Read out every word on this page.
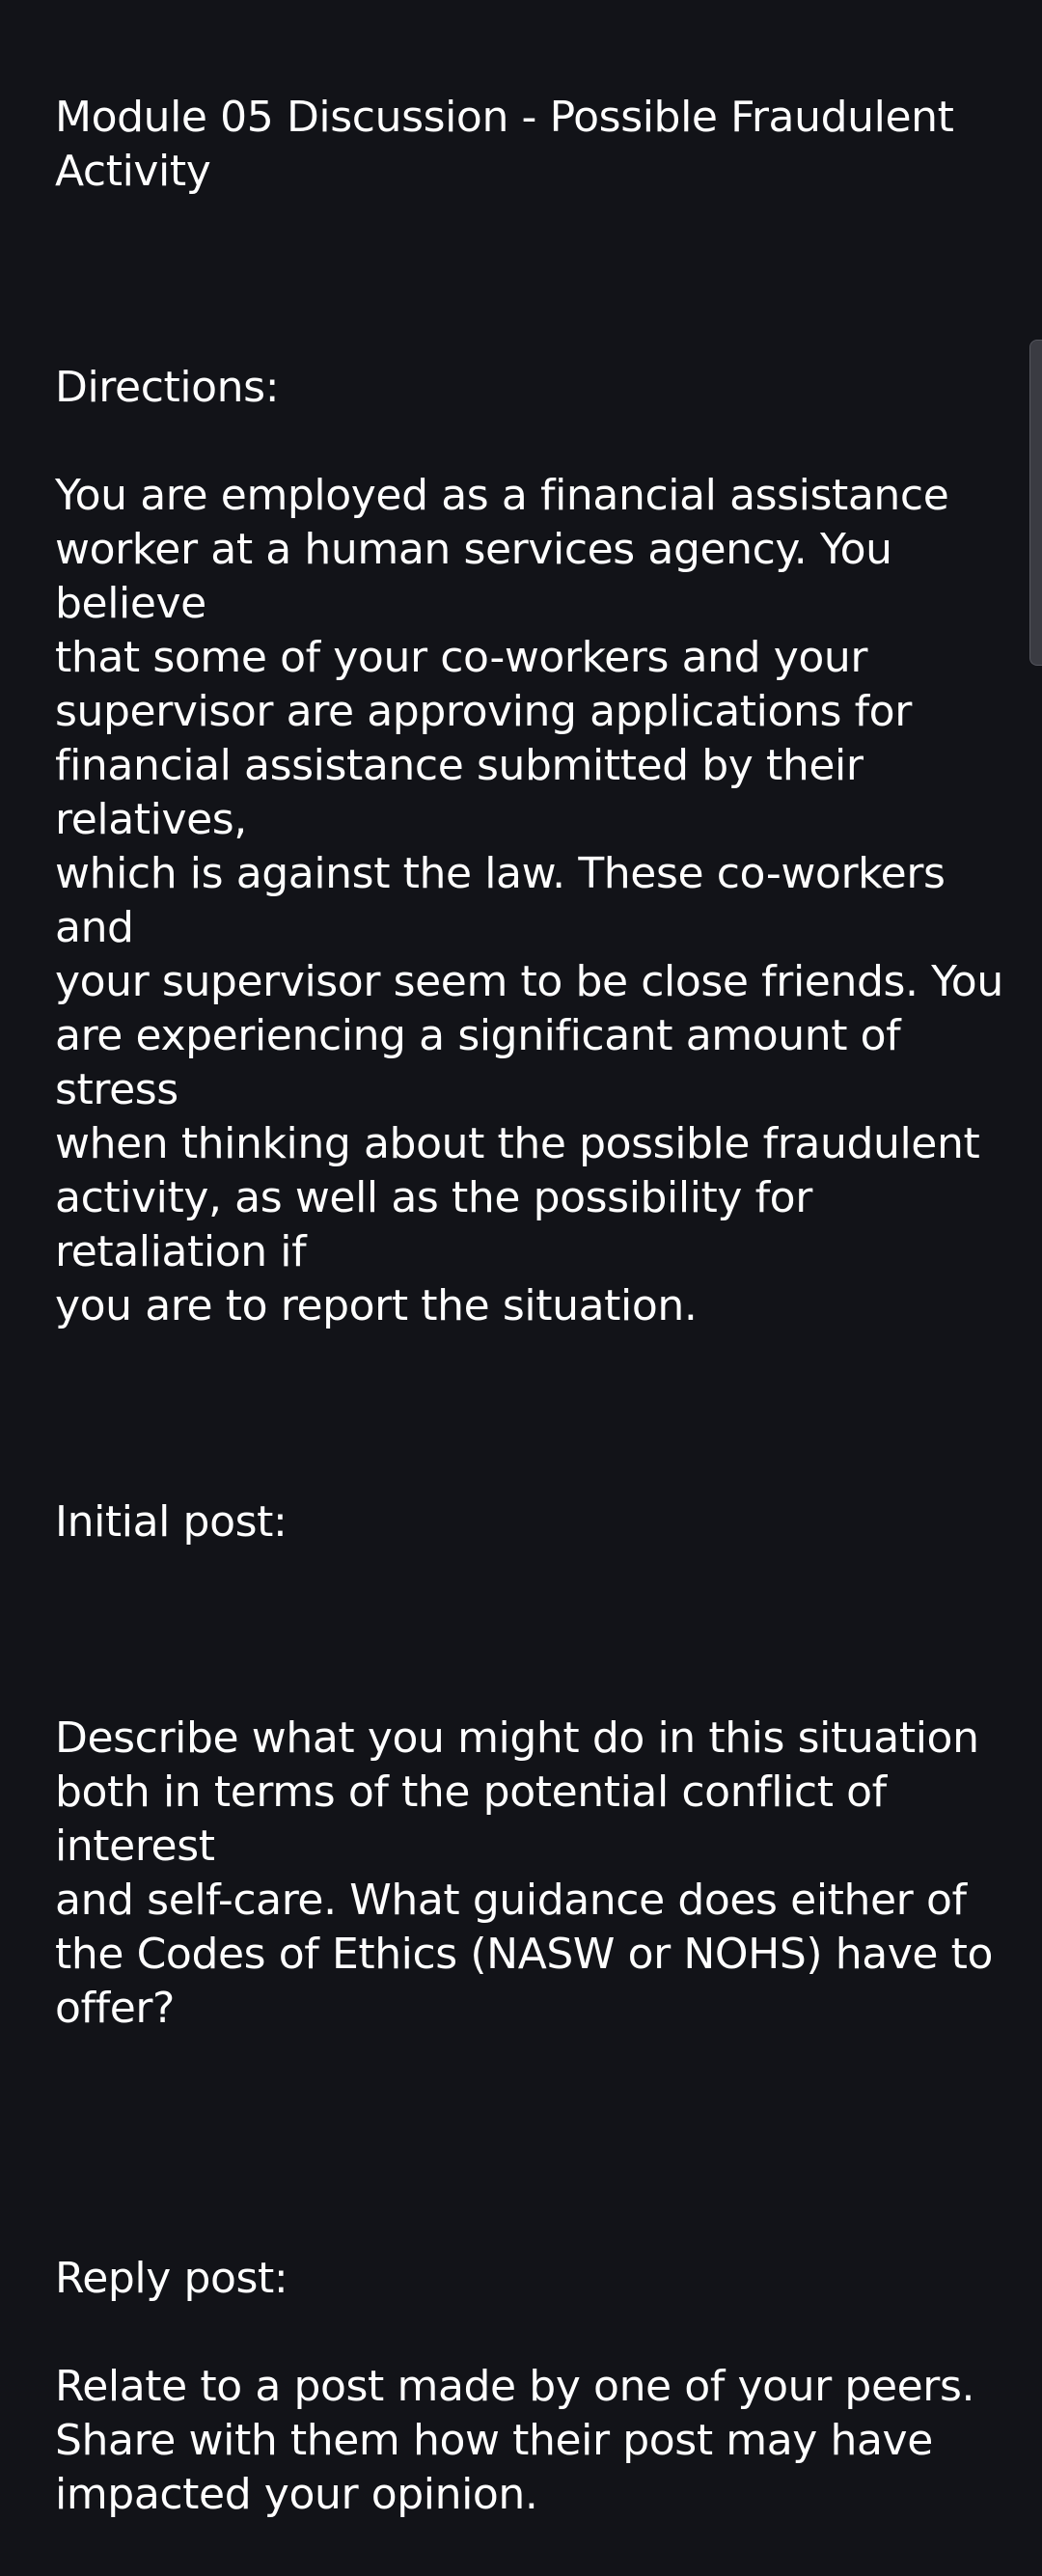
Module 05 Discussion - Possible Fraudulent
Activity

Directions:

You are employed as a financial assistance
worker at a human services agency. You believe
that some of your co-workers and your
supervisor are approving applications for
financial assistance submitted by their relatives,
which is against the law. These co-workers and
your supervisor seem to be close friends. You
are experiencing a significant amount of stress
when thinking about the possible fraudulent
activity, as well as the possibility for retaliation if
you are to report the situation.

Initial post:

Describe what you might do in this situation
both in terms of the potential conflict of interest
and self-care. What guidance does either of
the Codes of Ethics (NASW or NOHS) have to
offer?

Reply post:

Relate to a post made by one of your peers.
Share with them how their post may have
impacted your opinion.
